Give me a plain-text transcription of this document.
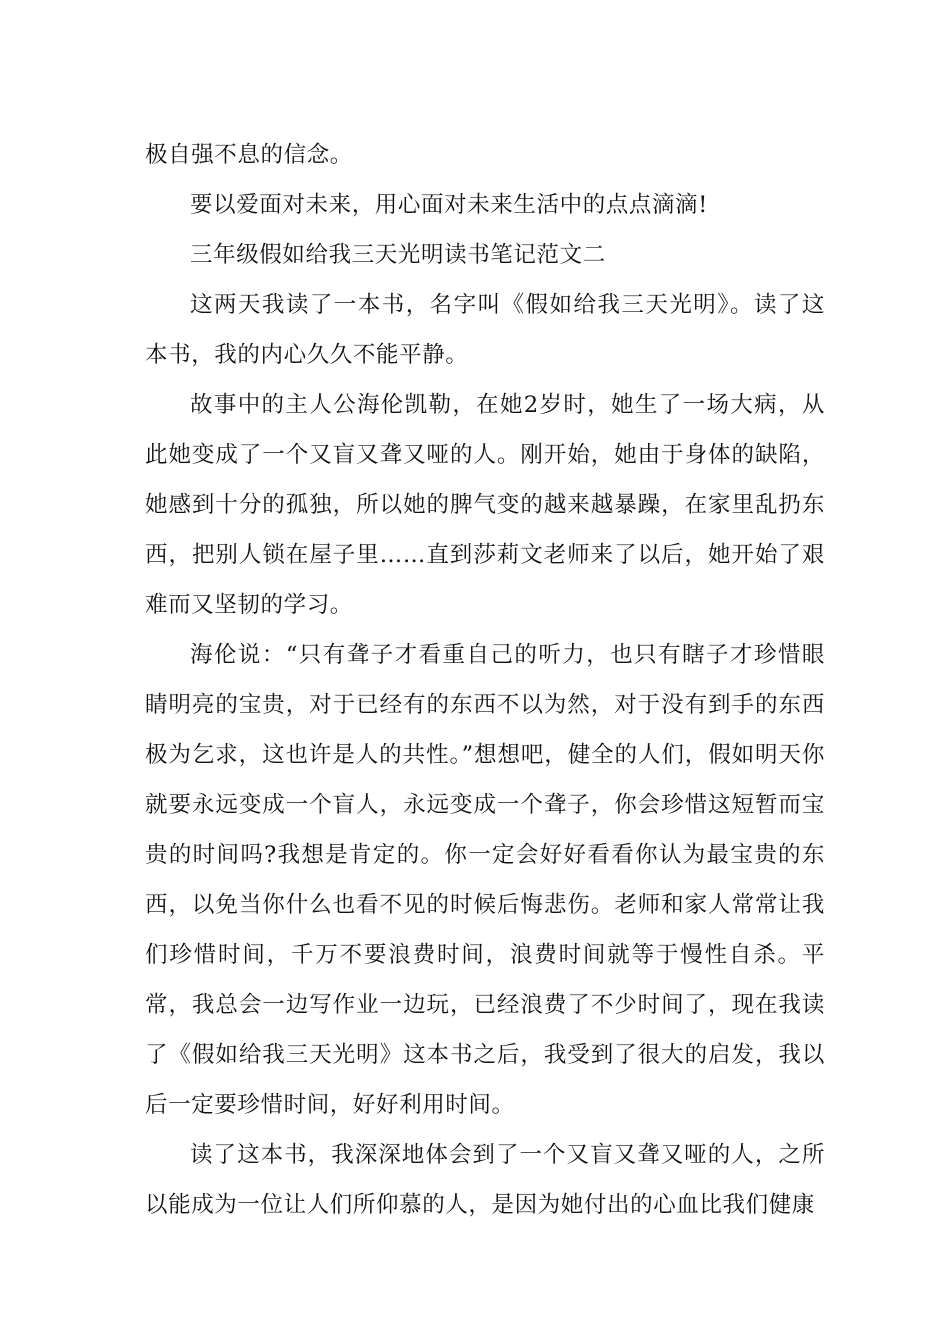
极自强不息的信念。

要以爱面对未来，用心面对未来生活中的点点滴滴!

三年级假如给我三天光明读书笔记范文二

这两天我读了一本书，名字叫《假如给我三天光明》。读了这本书，我的内心久久不能平静。

故事中的主人公海伦凯勒，在她2岁时，她生了一场大病，从此她变成了一个又盲又聋又哑的人。刚开始，她由于身体的缺陷，她感到十分的孤独，所以她的脾气变的越来越暴躁，在家里乱扔东西，把别人锁在屋子里……直到莎莉文老师来了以后，她开始了艰难而又坚韧的学习。

海伦说：“只有聋子才看重自己的听力，也只有瞎子才珍惜眼睛明亮的宝贵，对于已经有的东西不以为然，对于没有到手的东西极为乞求，这也许是人的共性。”想想吧，健全的人们，假如明天你就要永远变成一个盲人，永远变成一个聋子，你会珍惜这短暂而宝贵的时间吗?我想是肯定的。你一定会好好看看你认为最宝贵的东西，以免当你什么也看不见的时候后悔悲伤。老师和家人常常让我们珍惜时间，千万不要浪费时间，浪费时间就等于慢性自杀。平常，我总会一边写作业一边玩，已经浪费了不少时间了，现在我读了《假如给我三天光明》这本书之后，我受到了很大的启发，我以后一定要珍惜时间，好好利用时间。

读了这本书，我深深地体会到了一个又盲又聋又哑的人，之所以能成为一位让人们所仰慕的人，是因为她付出的心血比我们健康
